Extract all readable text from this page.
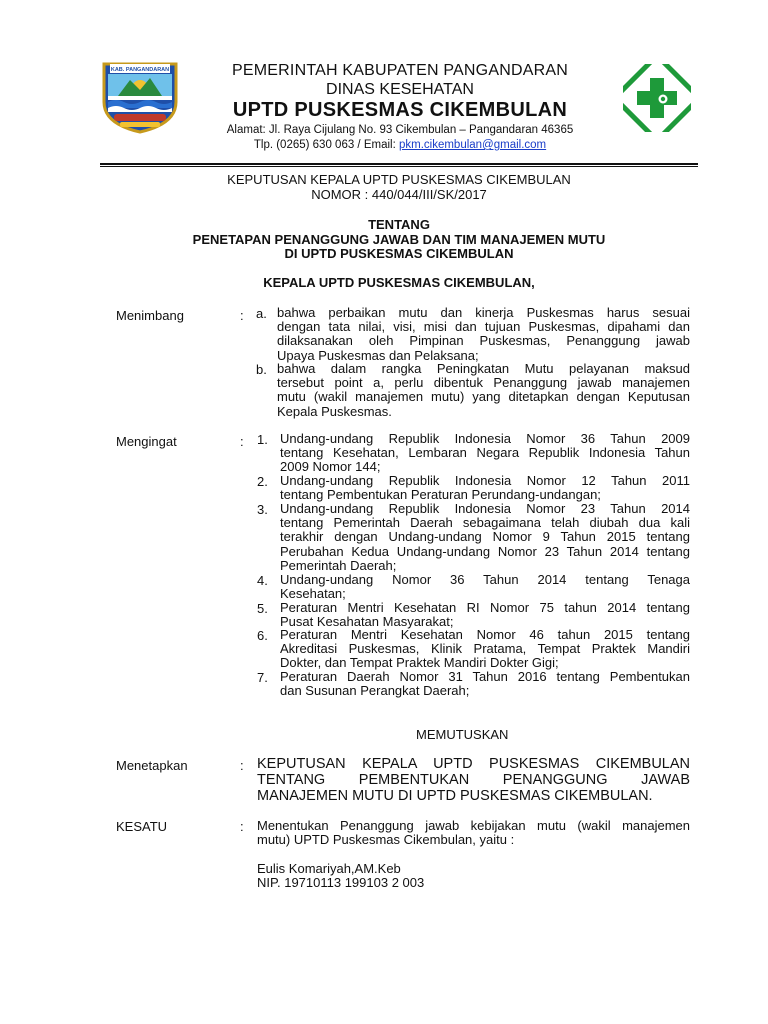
KAB. PANGANDARAN	PEMERINTAH KABUPATEN PANGANDARAN
DINAS KESEHATAN
UPTD PUSKESMAS CIKEMBULAN
Alamat: Jl. Raya Cijulang No. 93 Cikembulan – Pangandaran 46365
Tlp. (0265) 630 063 / Email: pkm.cikembulan@gmail.com
KEPUTUSAN KEPALA UPTD PUSKESMAS CIKEMBULAN
NOMOR : 440/044/III/SK/2017
TENTANG
PENETAPAN PENANGGUNG JAWAB DAN TIM MANAJEMEN MUTU
DI UPTD PUSKESMAS CIKEMBULAN
KEPALA UPTD PUSKESMAS CIKEMBULAN,
Menimbang	: a. bahwa perbaikan mutu dan kinerja Puskesmas harus sesuai
dengan tata nilai, visi, misi dan tujuan Puskesmas, dipahami dan
dilaksanakan oleh Pimpinan Puskesmas, Penanggung jawab
Upaya Puskesmas dan Pelaksana;
b. bahwa dalam rangka Peningkatan Mutu pelayanan maksud
tersebut point a, perlu dibentuk Penanggung jawab manajemen
mutu (wakil manajemen mutu) yang ditetapkan dengan Keputusan
Kepala Puskesmas.
Mengingat	: 1. Undang-undang Republik Indonesia Nomor 36 Tahun 2009
tentang Kesehatan, Lembaran Negara Republik Indonesia Tahun
2009 Nomor 144;
2. Undang-undang Republik Indonesia Nomor 12 Tahun 2011
tentang Pembentukan Peraturan Perundang-undangan;
3. Undang-undang Republik Indonesia Nomor 23 Tahun 2014
tentang Pemerintah Daerah sebagaimana telah diubah dua kali
terakhir dengan Undang-undang Nomor 9 Tahun 2015 tentang
Perubahan Kedua Undang-undang Nomor 23 Tahun 2014 tentang
Pemerintah Daerah;
4. Undang-undang Nomor 36 Tahun 2014 tentang Tenaga
Kesehatan;
5. Peraturan Mentri Kesehatan RI Nomor 75 tahun 2014 tentang
Pusat Kesahatan Masyarakat;
6. Peraturan Mentri Kesehatan Nomor 46 tahun 2015 tentang
Akreditasi Puskesmas, Klinik Pratama, Tempat Praktek Mandiri
Dokter, dan Tempat Praktek Mandiri Dokter Gigi;
7. Peraturan Daerah Nomor 31 Tahun 2016 tentang Pembentukan
dan Susunan Perangkat Daerah;
MEMUTUSKAN
Menetapkan	: KEPUTUSAN KEPALA UPTD PUSKESMAS CIKEMBULAN
TENTANG PEMBENTUKAN PENANGGUNG JAWAB
MANAJEMEN MUTU DI UPTD PUSKESMAS CIKEMBULAN.
KESATU	: Menentukan Penanggung jawab kebijakan mutu (wakil manajemen
mutu) UPTD Puskesmas Cikembulan, yaitu :
Eulis Komariyah,AM.Keb
NIP. 19710113 199103 2 003
